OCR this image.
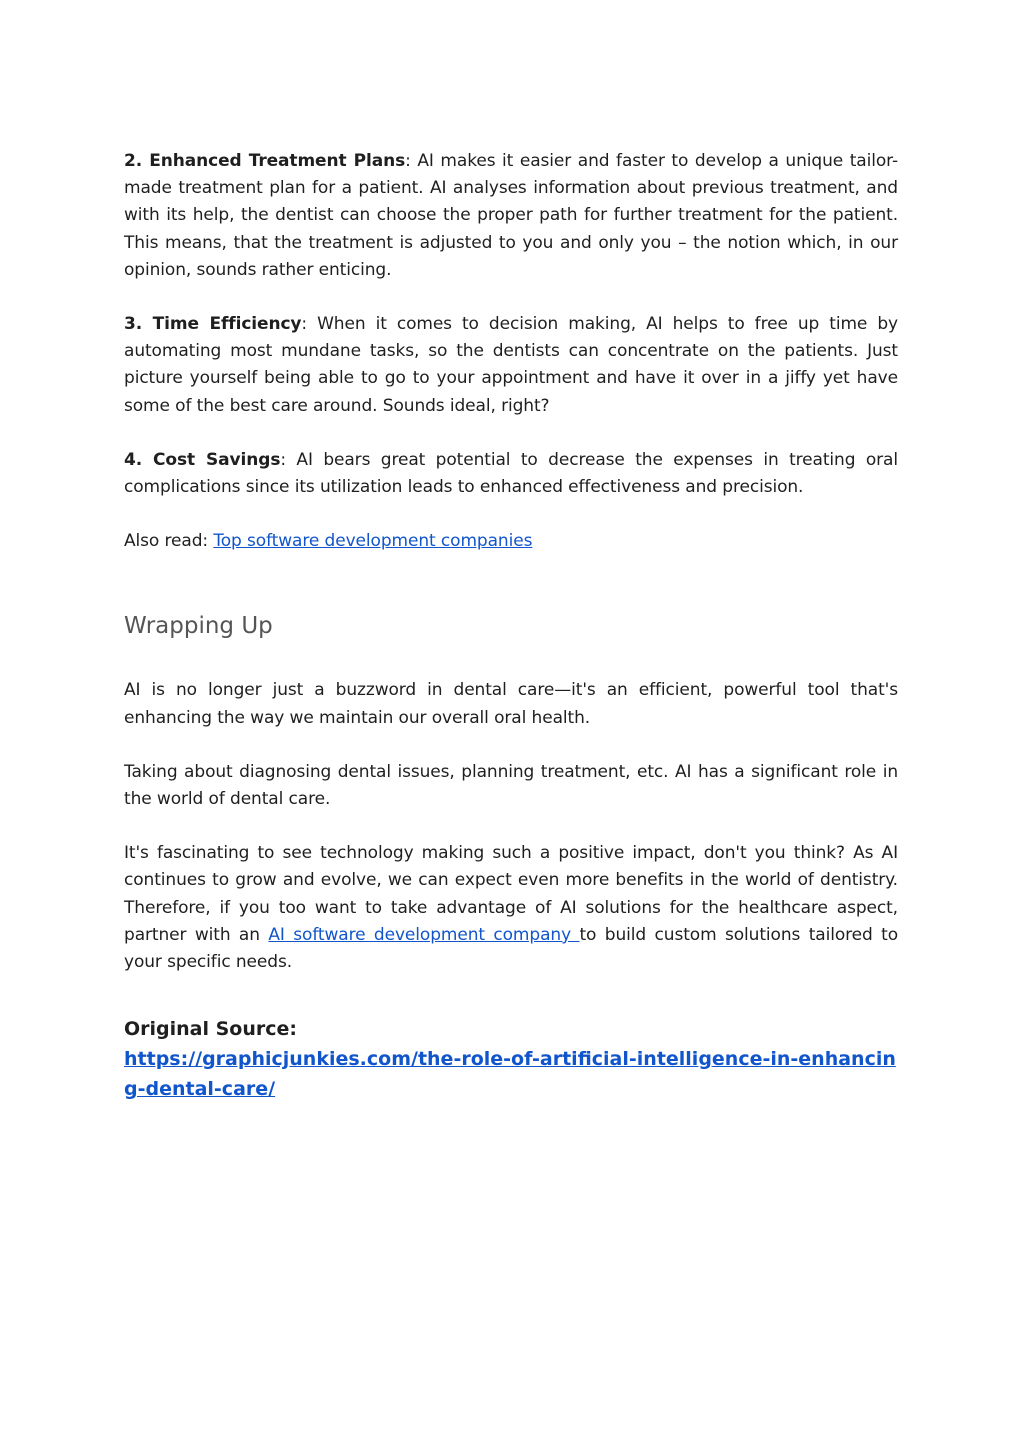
2. Enhanced Treatment Plans: AI makes it easier and faster to develop a unique tailor-made treatment plan for a patient. AI analyses information about previous treatment, and with its help, the dentist can choose the proper path for further treatment for the patient. This means, that the treatment is adjusted to you and only you – the notion which, in our opinion, sounds rather enticing.

3. Time Efficiency: When it comes to decision making, AI helps to free up time by automating most mundane tasks, so the dentists can concentrate on the patients. Just picture yourself being able to go to your appointment and have it over in a jiffy yet have some of the best care around. Sounds ideal, right?

4. Cost Savings: AI bears great potential to decrease the expenses in treating oral complications since its utilization leads to enhanced effectiveness and precision.

Also read: Top software development companies

Wrapping Up

AI is no longer just a buzzword in dental care—it's an efficient, powerful tool that's enhancing the way we maintain our overall oral health.

Taking about diagnosing dental issues, planning treatment, etc. AI has a significant role in the world of dental care.

It's fascinating to see technology making such a positive impact, don't you think? As AI continues to grow and evolve, we can expect even more benefits in the world of dentistry. Therefore, if you too want to take advantage of AI solutions for the healthcare aspect, partner with an AI software development company to build custom solutions tailored to your specific needs.

Original Source:
https://graphicjunkies.com/the-role-of-artificial-intelligence-in-enhancing-dental-care/
